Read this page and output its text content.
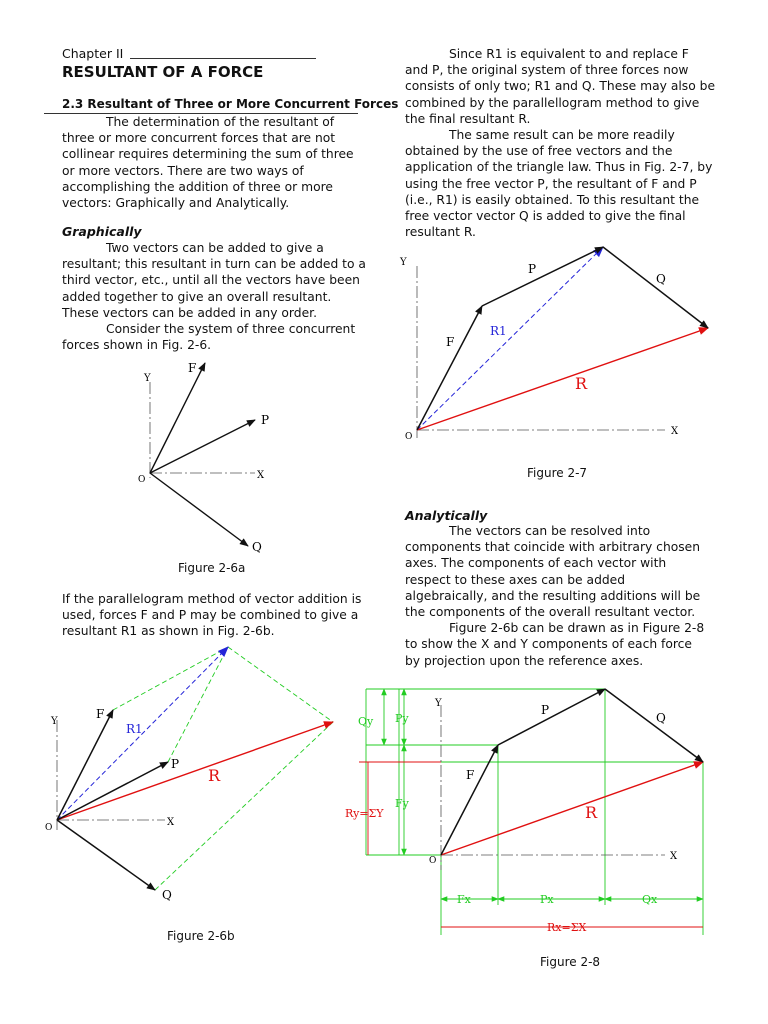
Chapter II
RESULTANT OF A FORCE
2.3 Resultant of Three or More Concurrent Forces
The determination of the resultant of
three or more concurrent forces that are not
collinear requires determining the sum of three
or more vectors. There are two ways of
accomplishing the addition of three or more
vectors: Graphically and Analytically.
Graphically
Two vectors can be added to give a
resultant; this resultant in turn can be added to a
third vector, etc., until all the vectors have been
added together to give an overall resultant.
These vectors can be added in any order.
Consider the system of three concurrent
forces shown in Fig. 2-6.
If the parallelogram method of vector addition is
used, forces F and P may be combined to give a
resultant R1 as shown in Fig. 2-6b.
Since R1 is equivalent to and replace F
and P, the original system of three forces now
consists of only two; R1 and Q. These may also be
combined by the parallellogram method to give
the final resultant R.
The same result can be more readily
obtained by the use of free vectors and the
application of the triangle law. Thus in Fig. 2-7, by
using the free vector P, the resultant of F and P
(i.e., R1) is easily obtained. To this resultant the
free vector vector Q is added to give the final
resultant R.
Analytically
The vectors can be resolved into
components that coincide with arbitrary chosen
axes. The components of each vector with
respect to these axes can be added
algebraically, and the resulting additions will be
the components of the overall resultant vector.
Figure 2-6b can be drawn as in Figure 2-8
to show the X and Y components of each force
by projection upon the reference axes.
Figure 2-6a
Figure 2-6b
Figure 2-7
Figure 2-8
Y
X
O
F
P
Q
Y
X
O
F
P
Q
R1
R
Y
X
O
F
P
Q
R1
R
Y
X
O
F
P
Q
R
Qy Py
Fy
Ry=ΣY
Fx	Px	Qx
Rx=ΣX
